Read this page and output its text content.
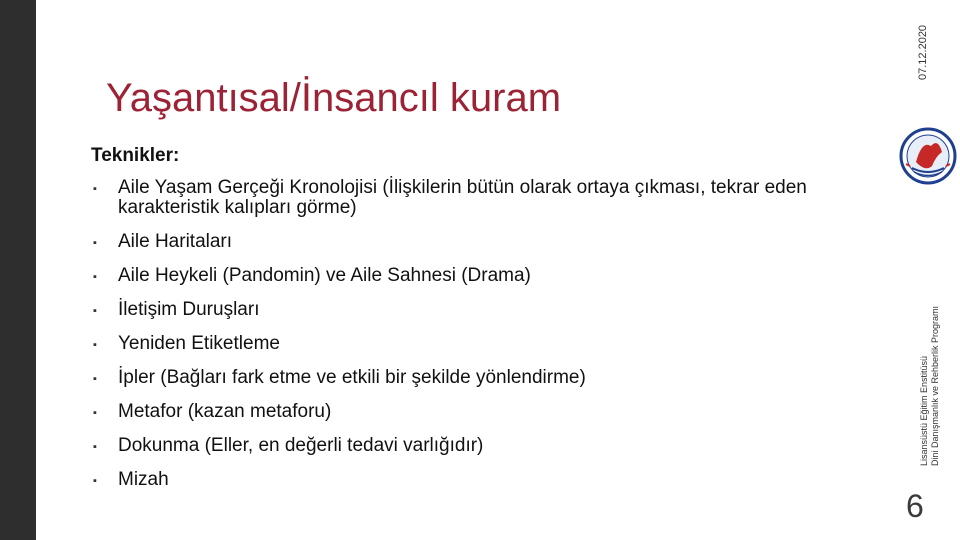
Yaşantısal/İnsancıl kuram
Teknikler:
▪ Aile Yaşam Gerçeği Kronolojisi (İlişkilerin bütün olarak ortaya çıkması, tekrar eden karakteristik kalıpları görme)
▪ Aile Haritaları
▪ Aile Heykeli (Pandomin) ve Aile Sahnesi (Drama)
▪ İletişim Duruşları
▪ Yeniden Etiketleme
▪ İpler (Bağları fark etme ve etkili bir şekilde yönlendirme)
▪ Metafor (kazan metaforu)
▪ Dokunma (Eller, en değerli tedavi varlığıdır)
▪ Mizah
07.12.2020
Lisansüstü Eğitim Enstitüsü Dini Danışmanlık ve Rehberlik Programı
6
